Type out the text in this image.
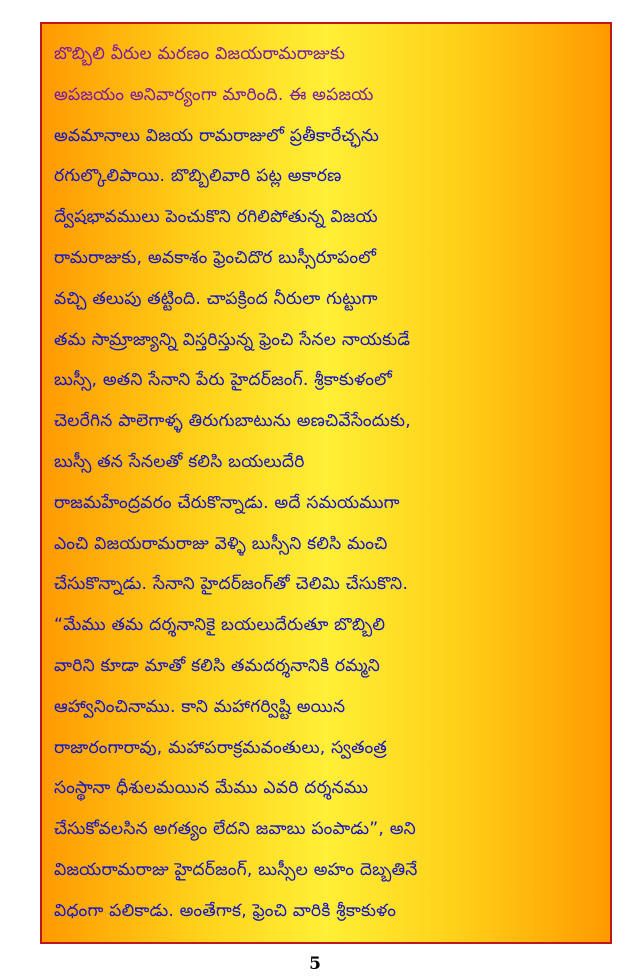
బొబ్బిలి వీరుల మరణం విజయరామరాజుకు
అపజయం అనివార్యంగా మారింది. ఈ అపజయ
అవమానాలు విజయ రామరాజులో ప్రతీకారేచ్ఛను
రగుల్కొలిపాయి. బొబ్బిలివారి పట్ల అకారణ
ద్వేషభావములు పెంచుకొని రగిలిపోతున్న విజయ
రామరాజుకు, అవకాశం ఫ్రెంచిదొర బుస్సీరూపంలో
వచ్చి తలుపు తట్టింది. చాపక్రింద నీరులా గుట్టుగా
తమ సామ్రాజ్యాన్ని విస్తరిస్తున్న ఫ్రెంచి సేనల నాయకుడే
బుస్సీ, అతని సేనాని పేరు హైదర్‌జంగ్. శ్రీకాకుళంలో
చెలరేగిన పాలెగాళ్ళ తిరుగుబాటును అణచివేసేందుకు,
బుస్సీ తన సేనలతో కలిసి బయలుదేరి
రాజమహేంద్రవరం చేరుకొన్నాడు. అదే సమయముగా
ఎంచి విజయరామరాజు వెళ్ళి బుస్సీని కలిసి మంచి
చేసుకొన్నాడు. సేనాని హైదర్‌జంగ్‌తో చెలిమి చేసుకొని.
“మేము తమ దర్శనానికై బయలుదేరుతూ బొబ్బిలి
వారిని కూడా మాతో కలిసి తమదర్శనానికి రమ్మని
ఆహ్వానించినాము. కాని మహాగర్విష్టి అయిన
రాజారంగారావు, మహాపరాక్రమవంతులు, స్వతంత్ర
సంస్థానా ధీశులమయిన మేము ఎవరి దర్శనము
చేసుకోవలసిన అగత్యం లేదని జవాబు పంపాడు”, అని
విజయరామరాజు హైదర్‌జంగ్, బుస్సీల అహం దెబ్బతినే
విధంగా పలికాడు. అంతేగాక, ఫ్రెంచి వారికి శ్రీకాకుళం
5
